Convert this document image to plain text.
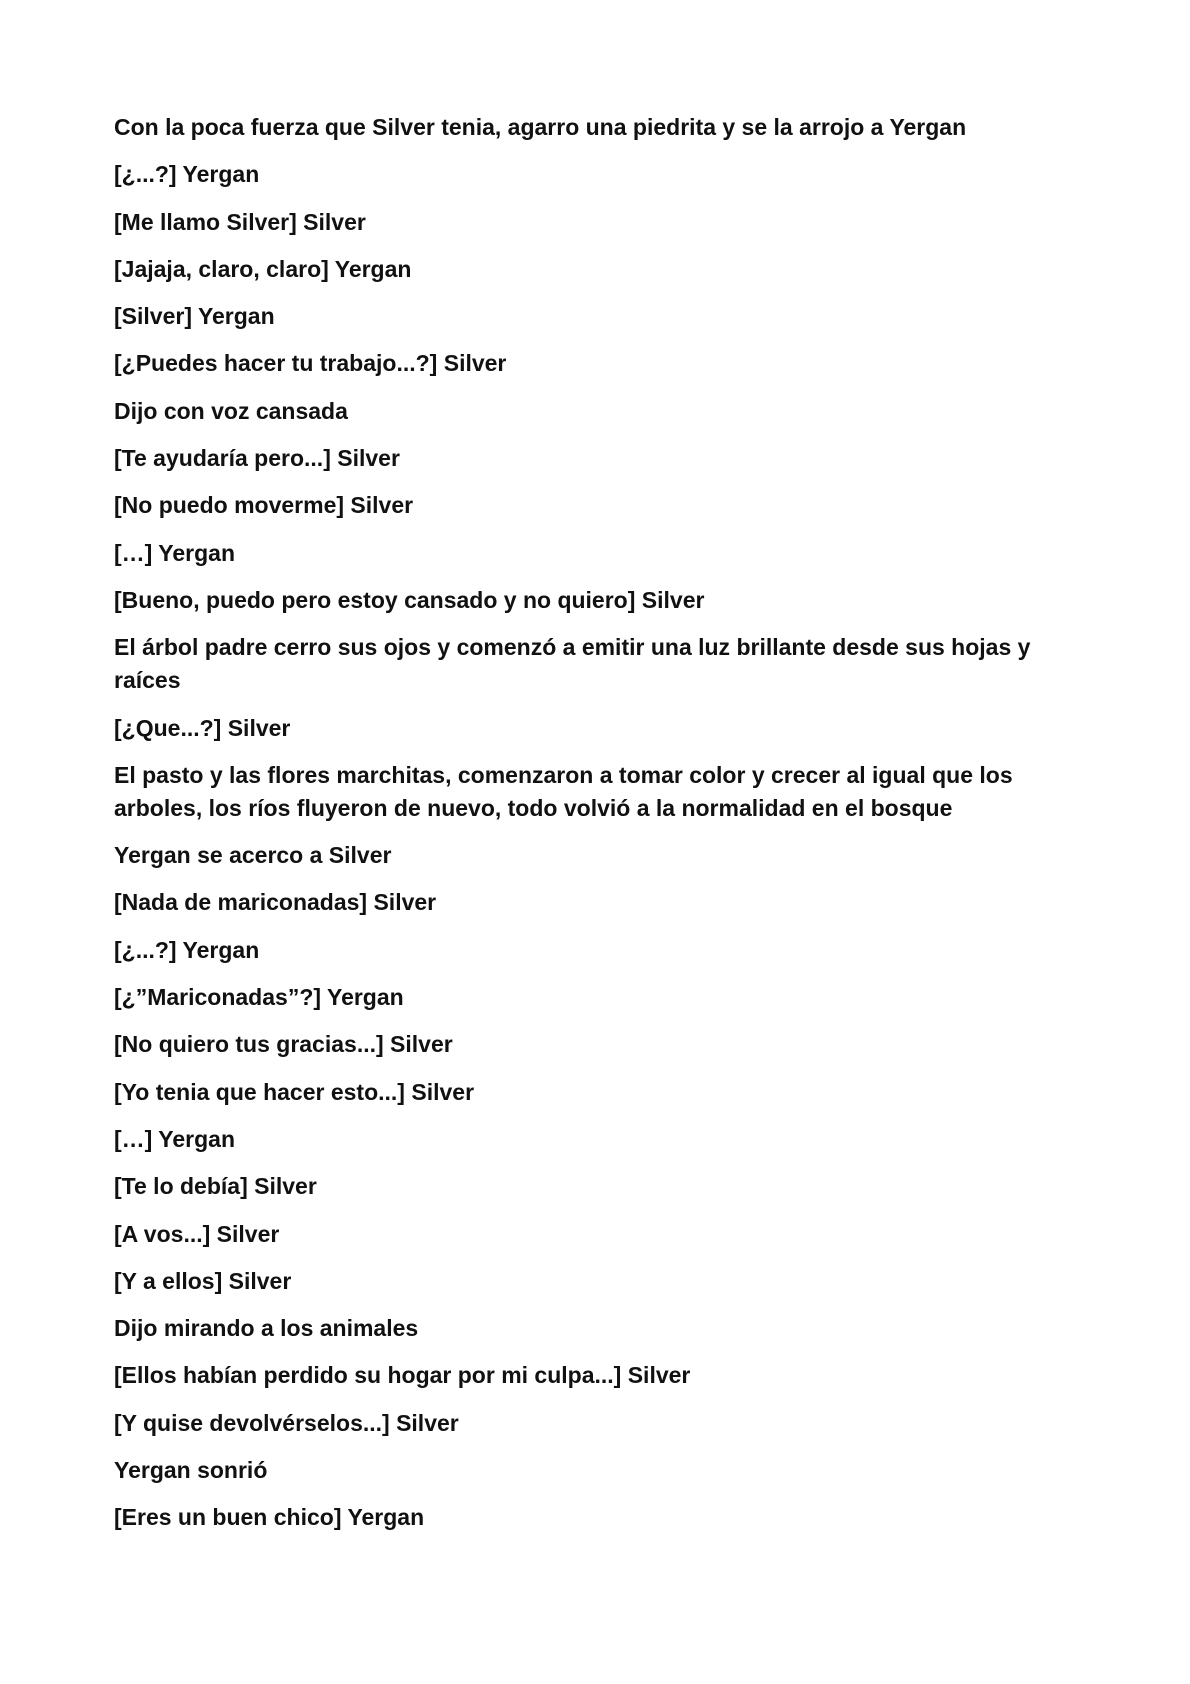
Con la poca fuerza que Silver tenia, agarro una piedrita y se la arrojo a Yergan

[¿...?] Yergan

[Me llamo Silver] Silver

[Jajaja, claro, claro] Yergan

[Silver] Yergan

[¿Puedes hacer tu trabajo...?] Silver

Dijo con voz cansada

[Te ayudaría pero...] Silver

[No puedo moverme] Silver

[…] Yergan

[Bueno, puedo pero estoy cansado y no quiero] Silver

El árbol padre cerro sus ojos y comenzó a emitir una luz brillante desde sus hojas y raíces

[¿Que...?] Silver

El pasto y las flores marchitas, comenzaron a tomar color y crecer al igual que los arboles, los ríos fluyeron de nuevo, todo volvió a la normalidad en el bosque

Yergan se acerco a Silver

[Nada de mariconadas] Silver

[¿...?] Yergan

[¿”Mariconadas”?] Yergan

[No quiero tus gracias...] Silver

[Yo tenia que hacer esto...] Silver

[…] Yergan

[Te lo debía] Silver

[A vos...] Silver

[Y a ellos] Silver

Dijo mirando a los animales

[Ellos habían perdido su hogar por mi culpa...] Silver

[Y quise devolvérselos...] Silver

Yergan sonrió

[Eres un buen chico] Yergan
